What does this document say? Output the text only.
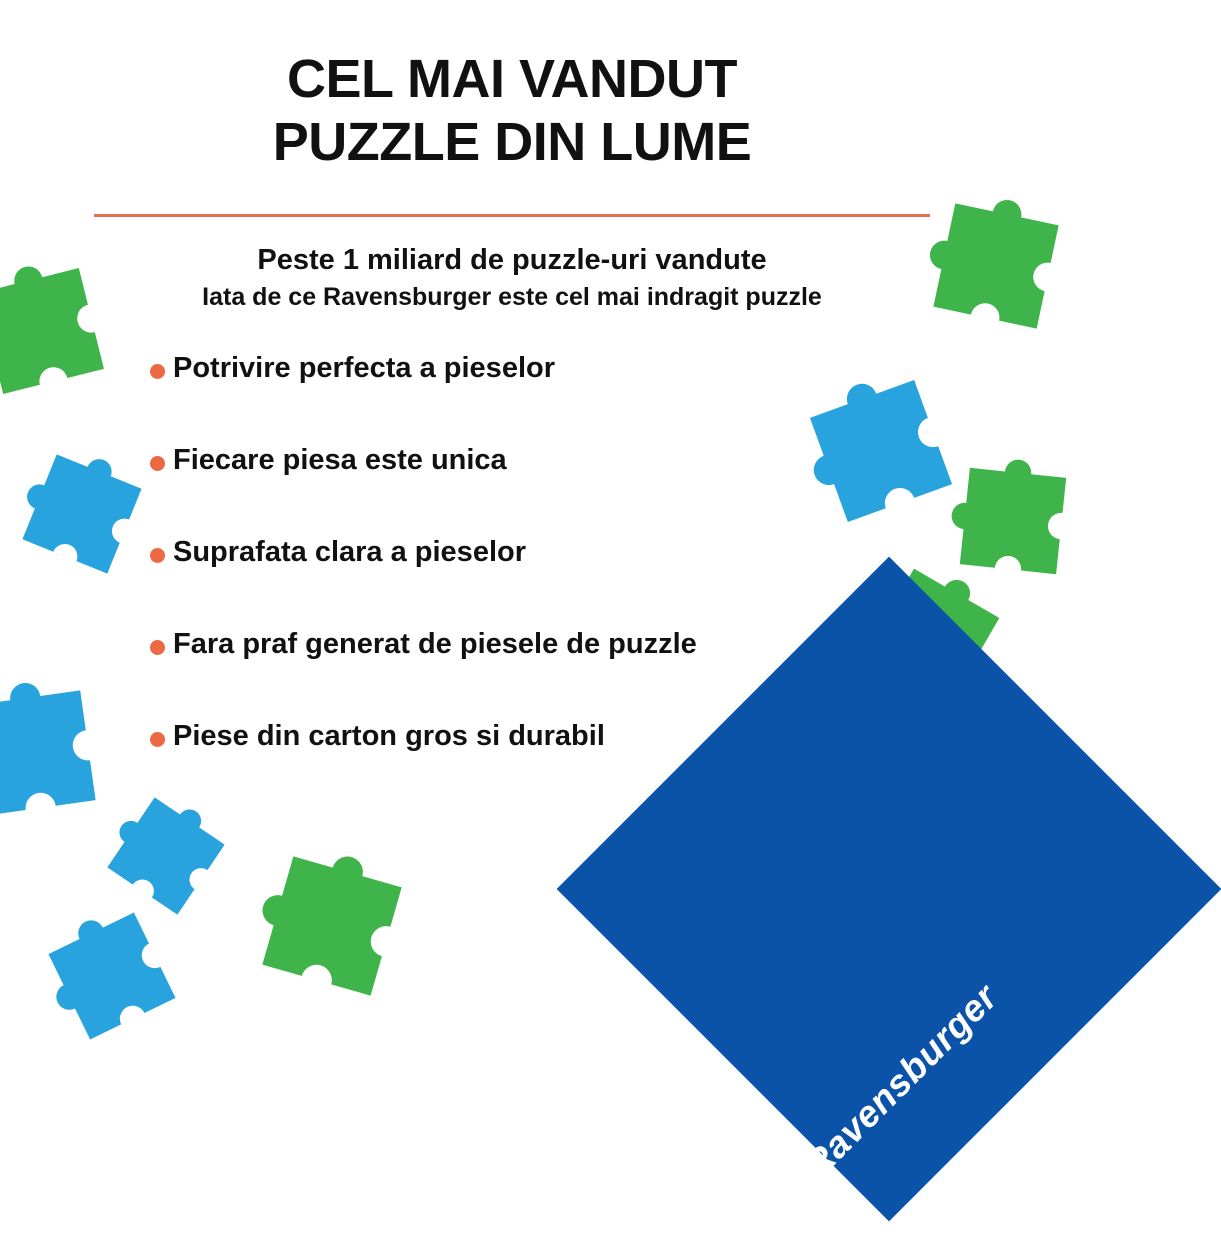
CEL MAI VANDUT
PUZZLE DIN LUME
Peste 1 miliard de puzzle-uri vandute
Iata de ce Ravensburger este cel mai indragit puzzle
Potrivire perfecta a pieselor
Fiecare piesa este unica
Suprafata clara a pieselor
Fara praf generat de piesele de puzzle
Piese din carton gros si durabil
Ravensburger
